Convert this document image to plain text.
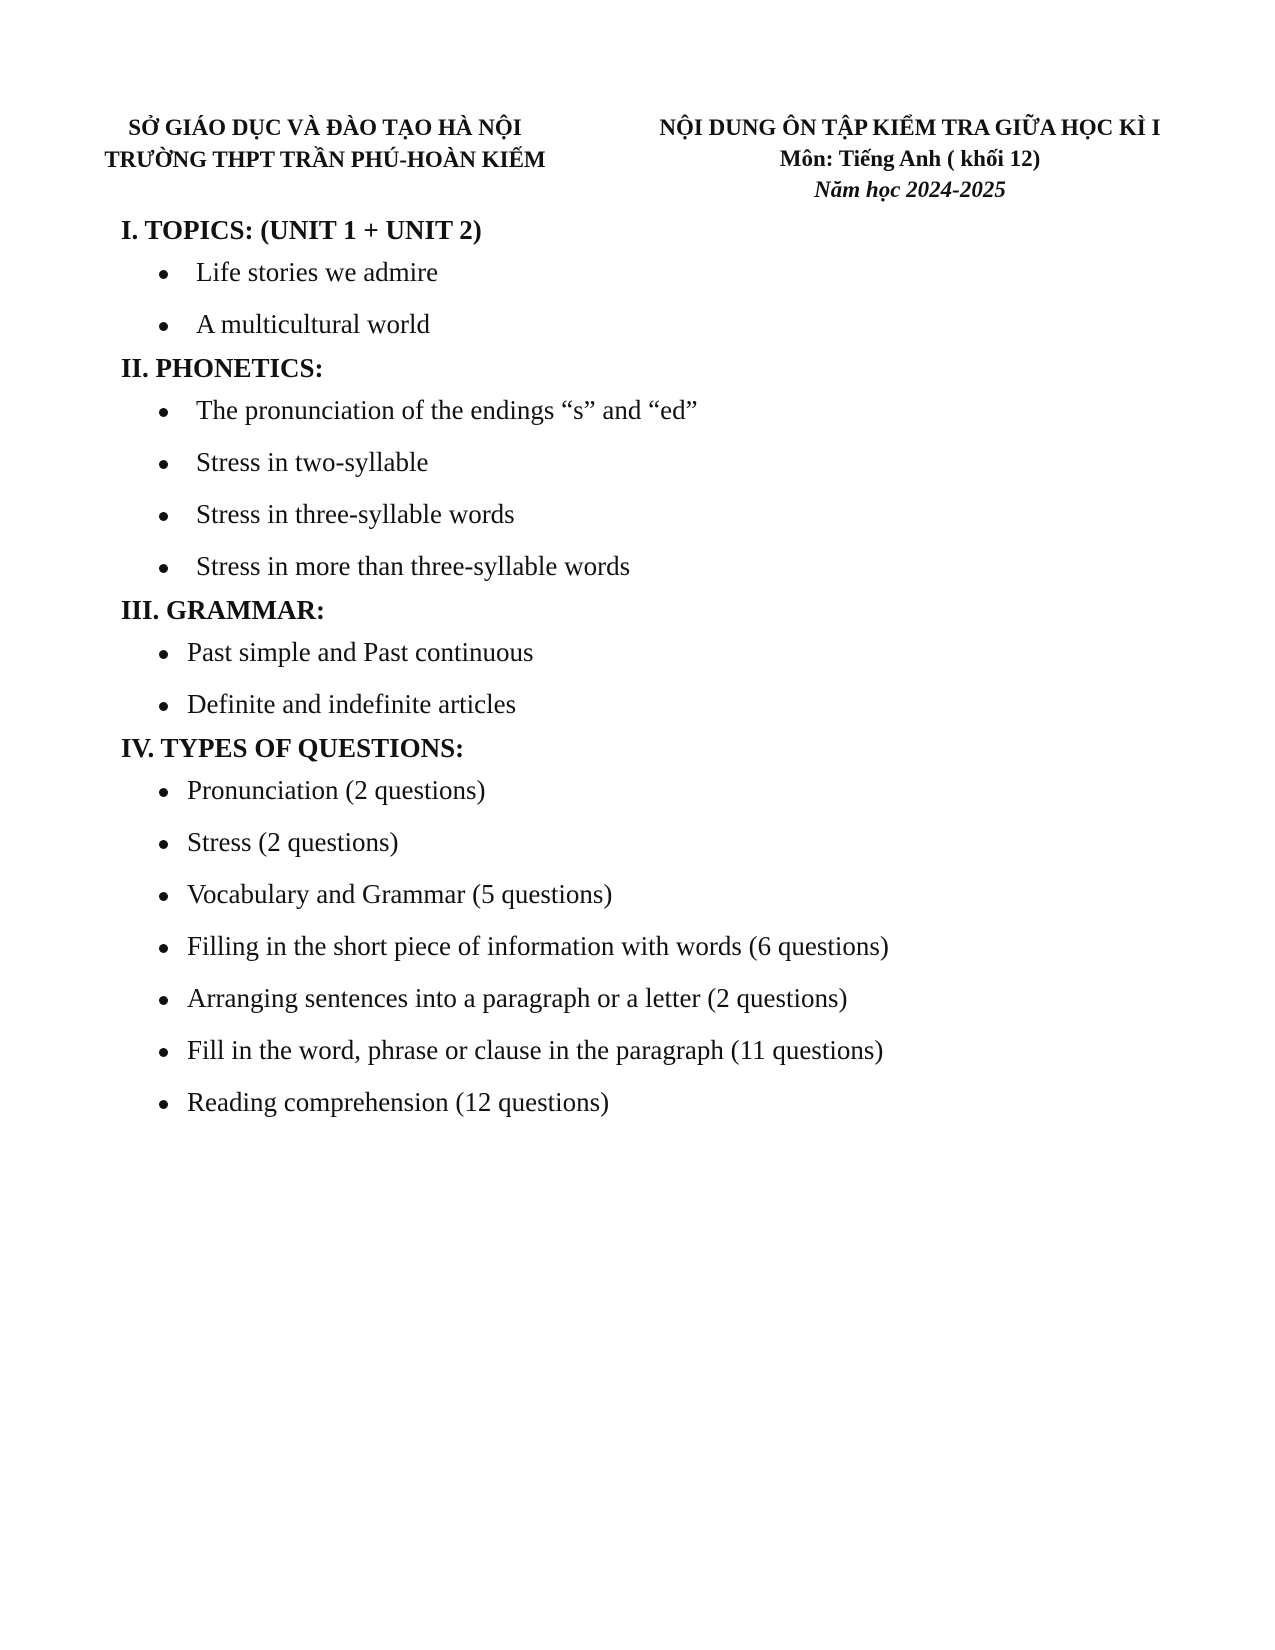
SỞ GIÁO DỤC VÀ ĐÀO TẠO HÀ NỘI
TRƯỜNG THPT TRẦN PHÚ-HOÀN KIẾM
NỘI DUNG ÔN TẬP KIỂM TRA GIỮA HỌC KÌ I
Môn: Tiếng Anh ( khối 12)
Năm học 2024-2025
I. TOPICS: (UNIT 1 + UNIT 2)
Life stories we admire
A multicultural world
II. PHONETICS:
The pronunciation of the endings “s” and “ed”
Stress in two-syllable
Stress in three-syllable words
Stress in more than three-syllable words
III. GRAMMAR:
Past simple and Past continuous
Definite and indefinite articles
IV. TYPES OF QUESTIONS:
Pronunciation (2 questions)
Stress (2 questions)
Vocabulary and Grammar (5 questions)
Filling in the short piece of information with words (6 questions)
Arranging sentences into a paragraph or a letter (2 questions)
Fill in the word, phrase or clause in the paragraph (11 questions)
Reading comprehension (12 questions)
